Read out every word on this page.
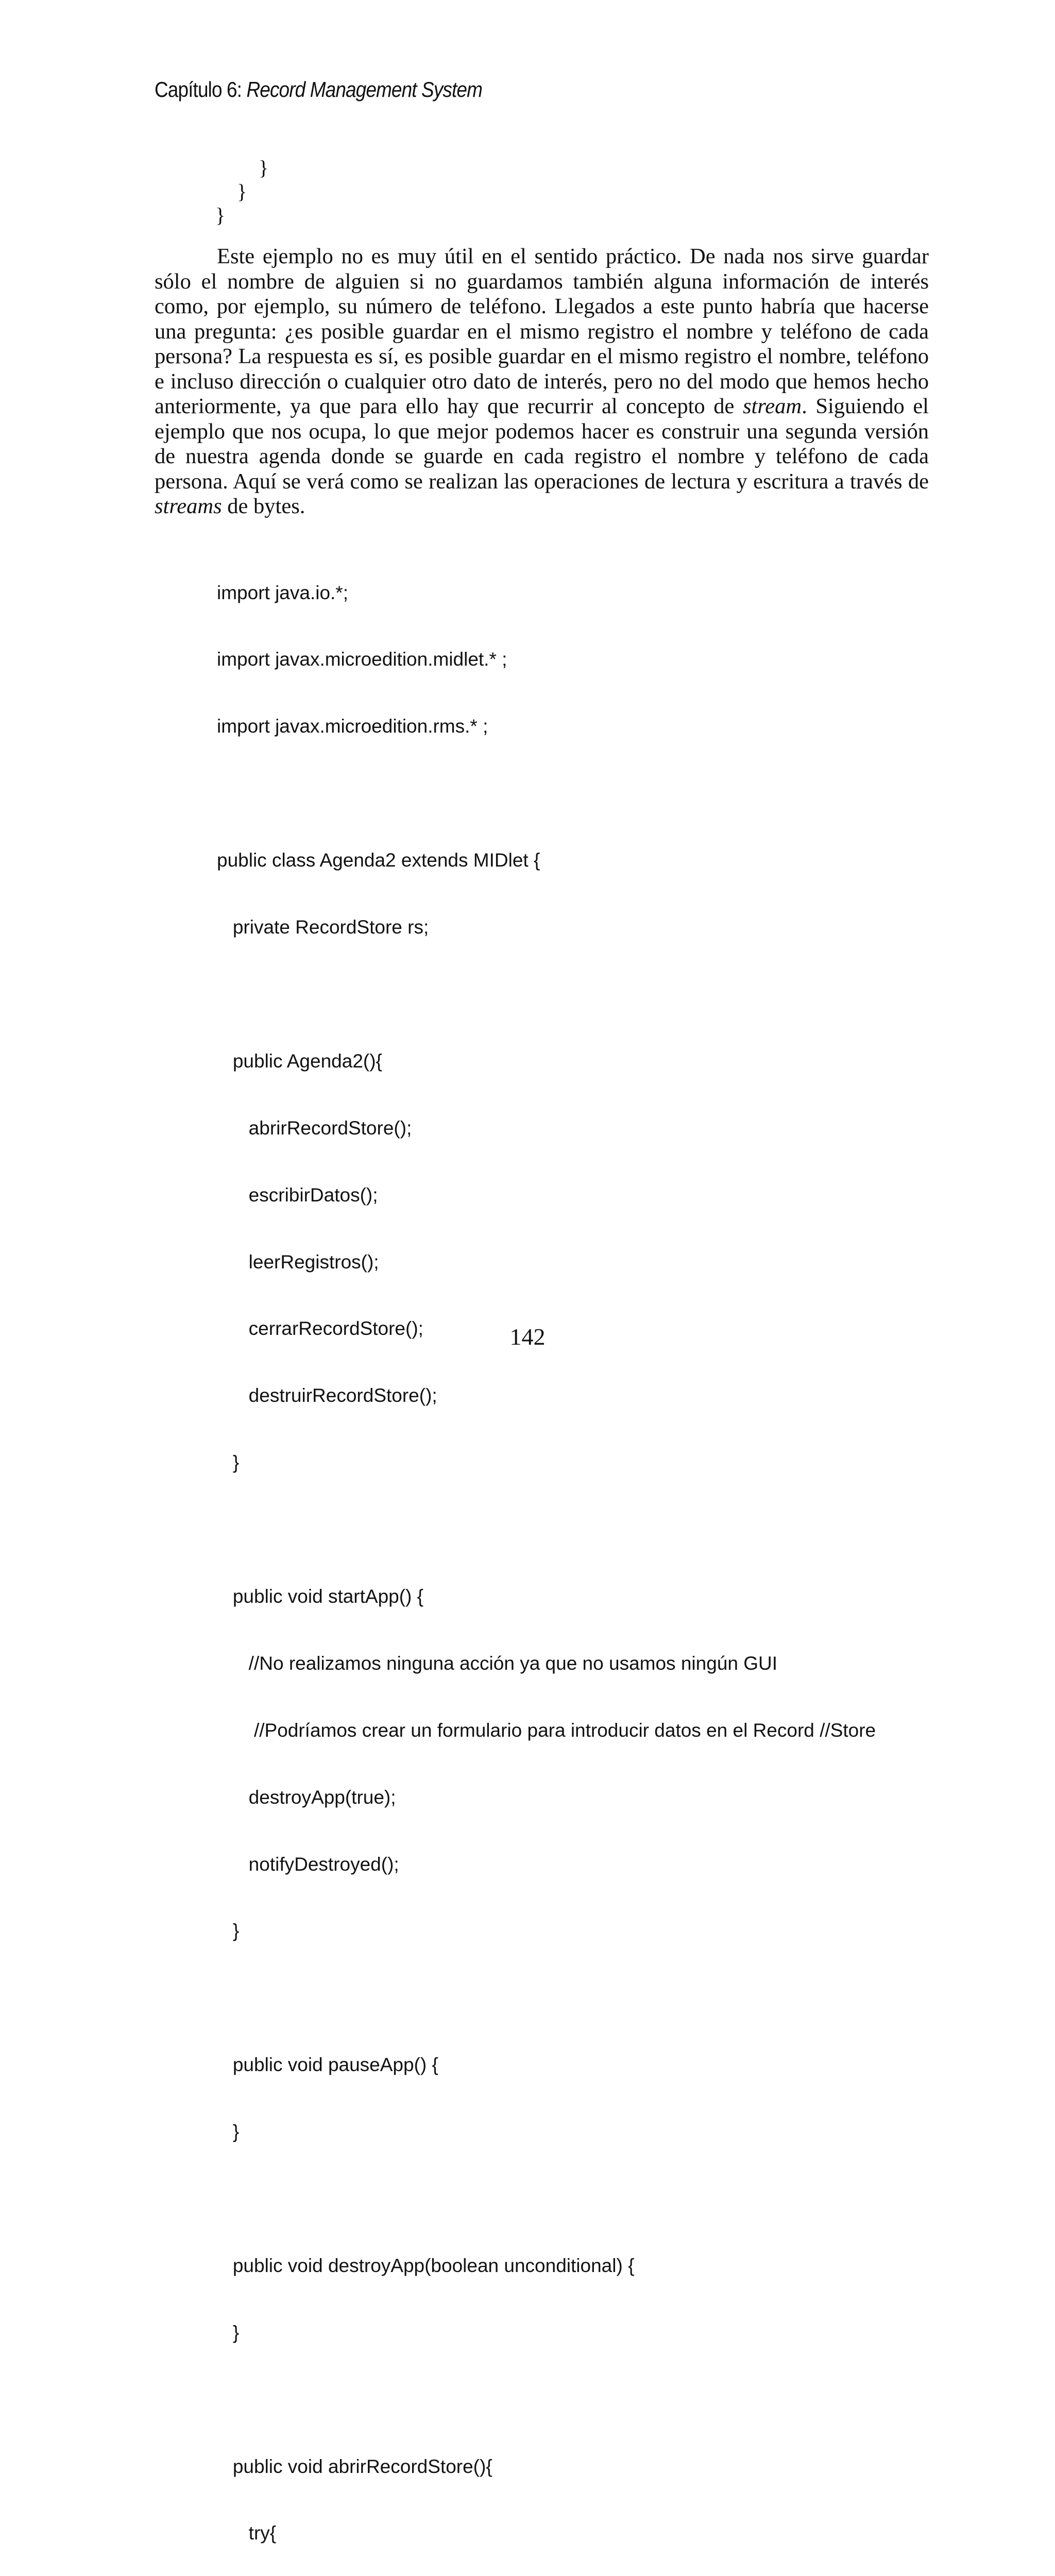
Capítulo 6: Record Management System
}
}
}
Este ejemplo no es muy útil en el sentido práctico. De nada nos sirve guardar
sólo el nombre de alguien si no guardamos también alguna información de interés
como, por ejemplo, su número de teléfono. Llegados a este punto habría que hacerse
una pregunta: ¿es posible guardar en el mismo registro el nombre y teléfono de cada
persona? La respuesta es sí, es posible guardar en el mismo registro el nombre, teléfono
e incluso dirección o cualquier otro dato de interés, pero no del modo que hemos hecho
anteriormente, ya que para ello hay que recurrir al concepto de stream. Siguiendo el
ejemplo que nos ocupa, lo que mejor podemos hacer es construir una segunda versión
de nuestra agenda donde se guarde en cada registro el nombre y teléfono de cada
persona. Aquí se verá como se realizan las operaciones de lectura y escritura a través de
streams de bytes.

import java.io.*;

import javax.microedition.midlet.* ;

import javax.microedition.rms.* ;

public class Agenda2 extends MIDlet {

private RecordStore rs;

public Agenda2(){

abrirRecordStore();

escribirDatos();

leerRegistros();

cerrarRecordStore();

destruirRecordStore();

}

public void startApp() {

//No realizamos ninguna acción ya que no usamos ningún GUI

//Podríamos crear un formulario para introducir datos en el Record //Store

destroyApp(true);

notifyDestroyed();

}

public void pauseApp() {

}

public void destroyApp(boolean unconditional) {

}

public void abrirRecordStore(){

try{

142
